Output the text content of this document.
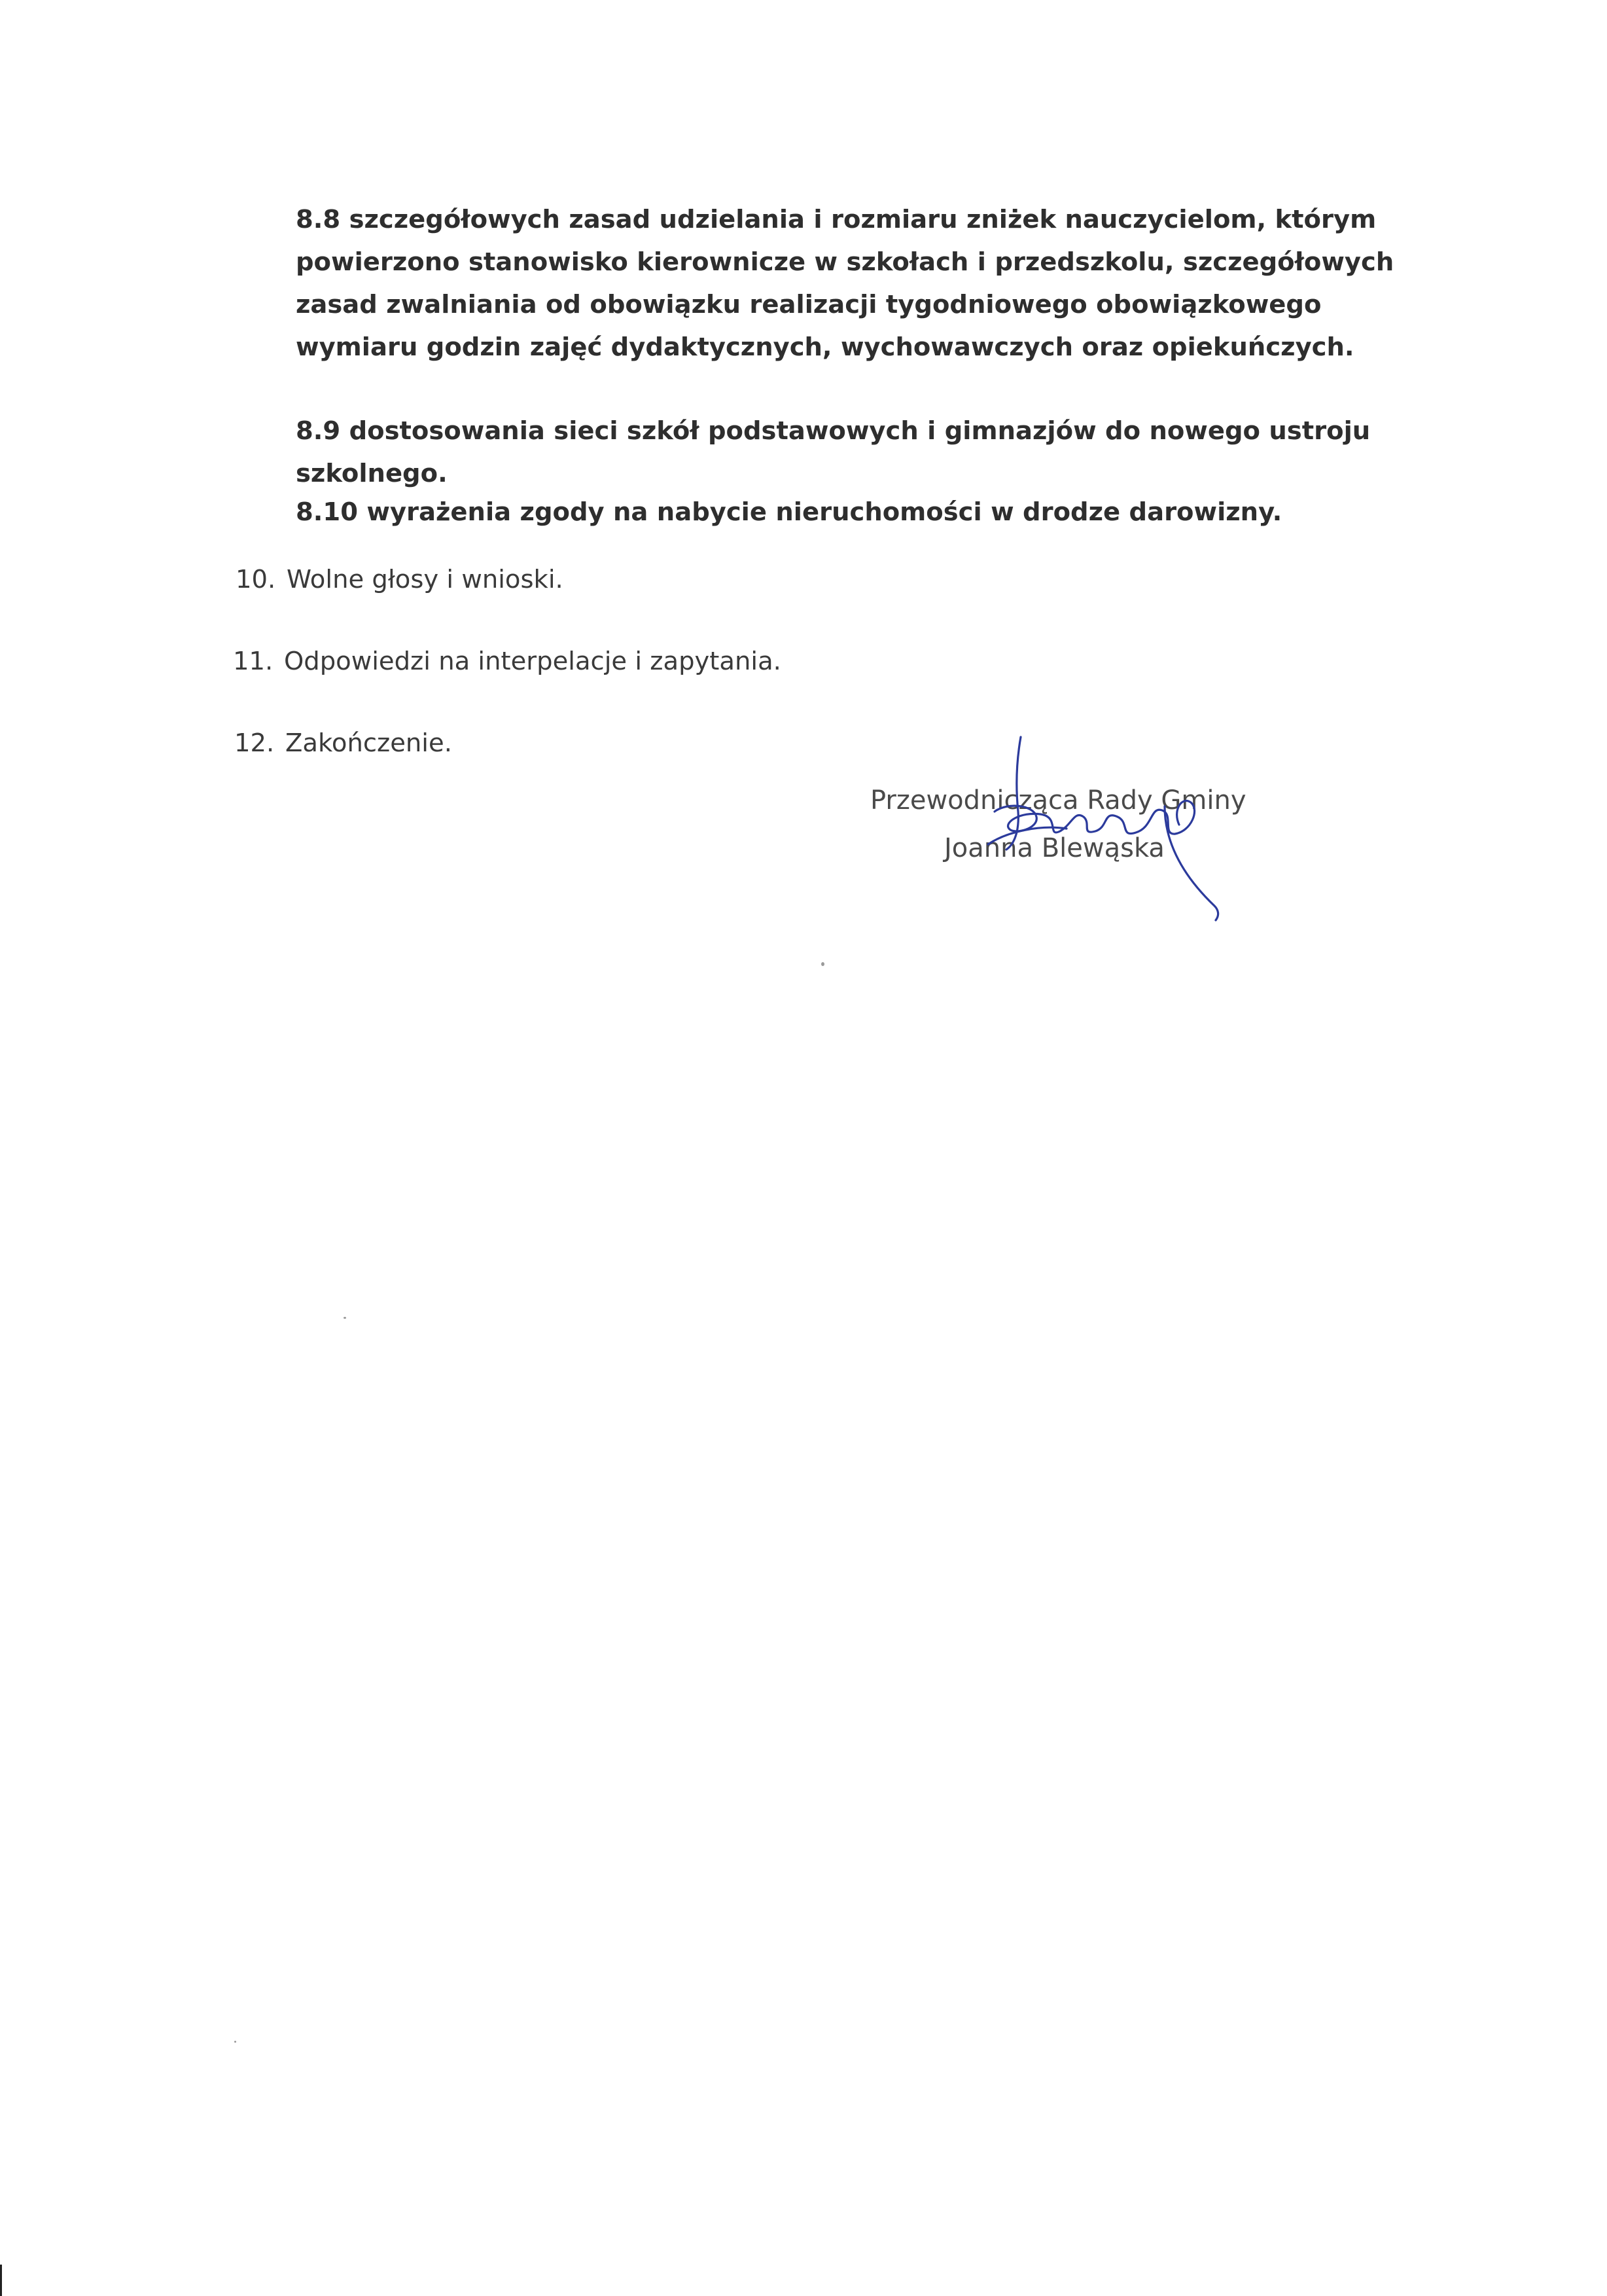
8.8 szczegółowych zasad udzielania i rozmiaru zniżek nauczycielom, którym powierzono stanowisko kierownicze w szkołach i przedszkolu, szczegółowych zasad zwalniania od obowiązku realizacji tygodniowego obowiązkowego wymiaru godzin zajęć dydaktycznych, wychowawczych oraz opiekuńczych.
8.9 dostosowania sieci szkół podstawowych i gimnazjów do nowego ustroju szkolnego.
8.10 wyrażenia zgody na nabycie nieruchomości w drodze darowizny.
10. Wolne głosy i wnioski.
11. Odpowiedzi na interpelacje i zapytania.
12. Zakończenie.
Przewodnicząca Rady Gminy
Joanna Blewąska
